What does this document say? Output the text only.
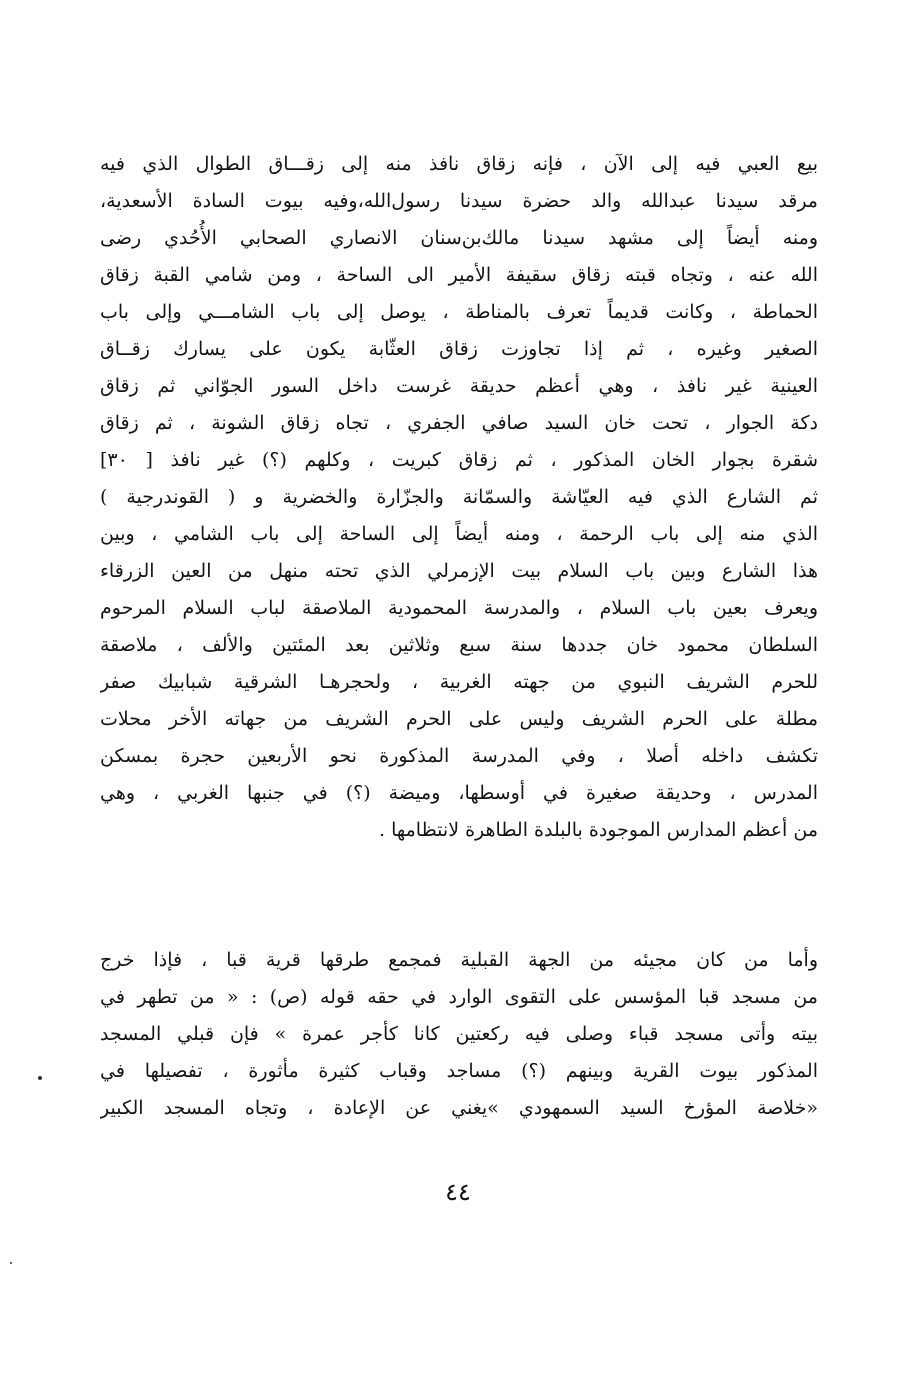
بيع العبي فيه إلى الآن ، فإنه زقاق نافذ منه إلى زقـــاق الطوال الذي فيه
مرقد سيدنا عبدالله والد حضرة سيدنا رسول‌الله،وفيه بيوت السادة الأسعدية،
ومنه أيضاً إلى مشهد سيدنا مالك‌بن‌سنان الانصاري الصحابي الأُحُدي رضى
الله عنه ، وتجاه قبته زقاق سقيفة الأمير الى الساحة ، ومن شامي القبة زقاق
الحماطة ، وكانت قديماً تعرف بالمناطة ، يوصل إلى باب الشامـــي وإلى باب
الصغير وغيره ، ثم إذا تجاوزت زقاق العثّابة يكون على يسارك زقــاق
العينية غير نافذ ، وهي أعظم حديقة غرست داخل السور الجوّاني ثم زقاق
دكة الجوار ، تحت خان السيد صافي الجفري ، تجاه زقاق الشونة ، ثم زقاق
شقرة بجوار الخان المذكور ، ثم زقاق كبريت ، وكلهم (؟) غير نافذ [ ٣٠]
ثم الشارع الذي فيه العيّاشة والسمّانة والجزّارة والخضرية و ( القوندرجية )
الذي منه إلى باب الرحمة ، ومنه أيضاً إلى الساحة إلى باب الشامي ، وبين
هذا الشارع وبين باب السلام بيت الإزمرلي الذي تحته منهل من العين الزرقاء
ويعرف بعين باب السلام ، والمدرسة المحمودية الملاصقة لباب السلام المرحوم
السلطان محمود خان جددها سنة سبع وثلاثين بعد المئتين والألف ، ملاصقة
للحرم الشريف النبوي من جهته الغربية ، ولحجرهـا الشرقية شبابيك صفر
مطلة على الحرم الشريف وليس على الحرم الشريف من جهاته الأخر محلات
تكشف داخله أصلا ، وفي المدرسة المذكورة نحو الأربعين حجرة بمسكن
المدرس ، وحديقة صغيرة في أوسطها، وميضة (؟) في جنبها الغربي ، وهي
من أعظم المدارس الموجودة بالبلدة الطاهرة لانتظامها .
وأما من كان مجيئه من الجهة القبلية فمجمع طرقها قرية قبا ، فإذا خرج
من مسجد قبا المؤسس على التقوى الوارد في حقه قوله (ص) : « من تطهر في
بيته وأتى مسجد قباء وصلى فيه ركعتين كانا كأجر عمرة » فإن قبلي المسجد
المذكور بيوت القرية وبينهم (؟) مساجد وقباب كثيرة مأثورة ، تفصيلها في
«خلاصة المؤرخ السيد السمهودي »يغني عن الإعادة ، وتجاه المسجد الكبير
٤٤
